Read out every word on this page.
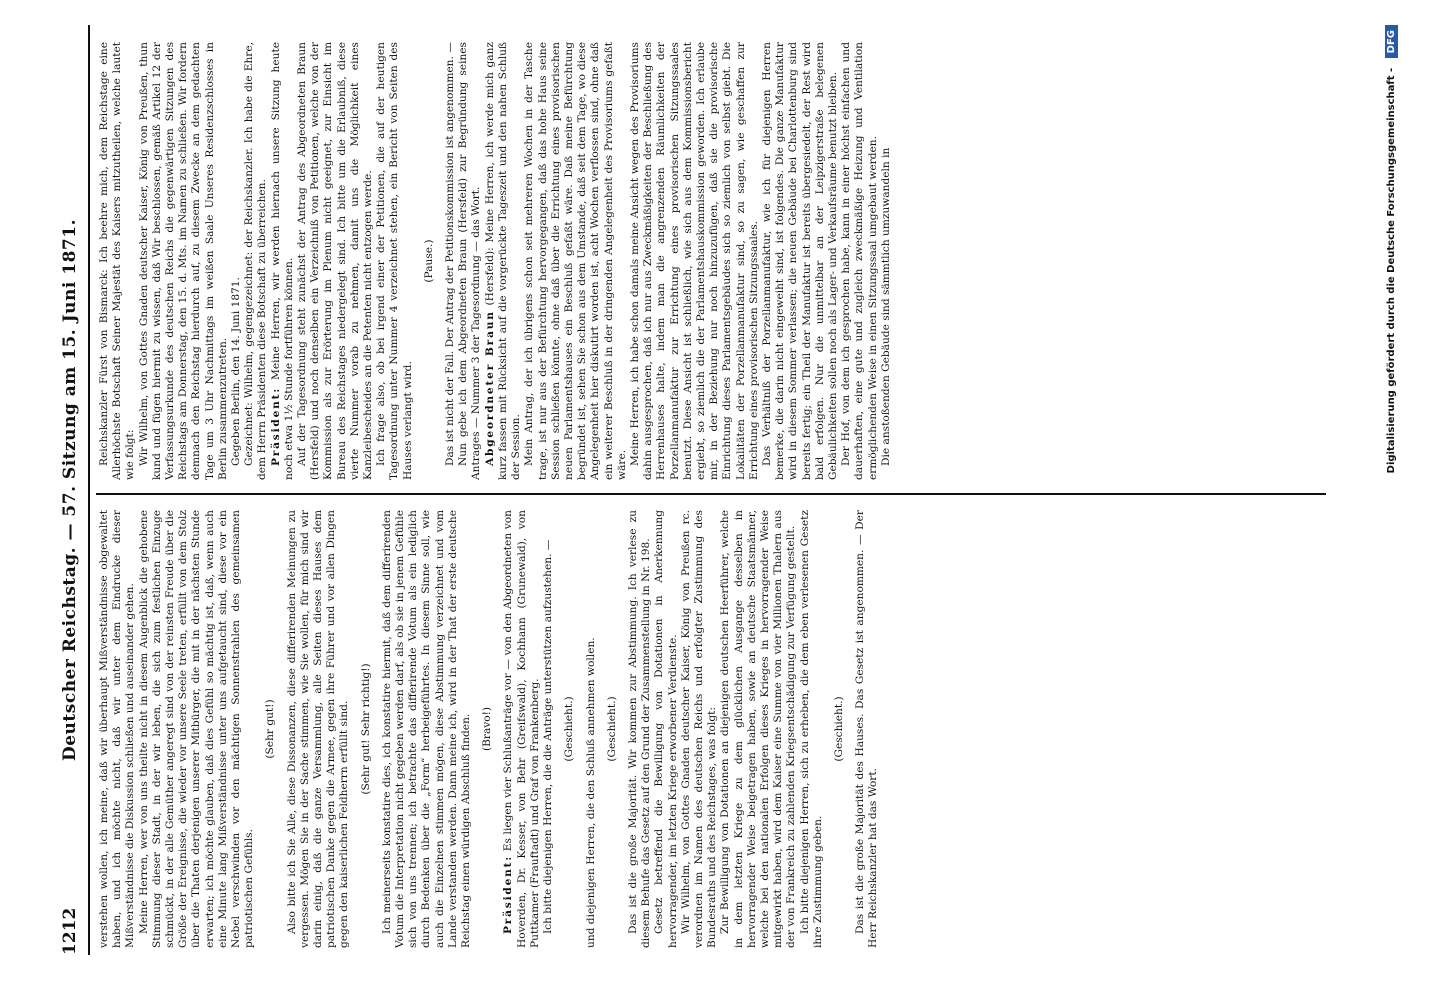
1212
Deutscher Reichstag. — 57. Sitzung am 15. Juni 1871. verstehen wollen, ich meine, daß wir überhaupt Mißverständnisse obgewaltet haben, und ich möchte nicht, daß wir unter dem Eindrucke dieser Mißverständnisse die Diskussion schließen und auseinander gehen. Meine Herren, wer von uns theilte nicht in diesem Augenblick die gehobene Stimmung dieser Stadt, in der wir leben, die sich zum festlichen Einzuge schmückt, in der alle Gemüther angeregt sind von der reinsten Freude über die Größe der Ereignisse, die wieder vor unsere Seele treten, erfüllt von dem Stolz über die Thaten derjenigen unserer Mitbürger, die mit in der nächsten Stunde erwarten; ich möchte glauben, daß dies Gefühl so mächtig ist, daß, wenn auch eine Minute lang Mißverständnisse unter uns aufgetaucht sind, diese vor ein Nebel verschwinden vor den mächtigen Sonnenstrahlen des gemeinsamen patriotischen Gefühls.

(Sehr gut!) Also bitte ich Sie Alle, diese Dissonanzen, diese differirenden Meinungen zu vergessen. Mögen Sie in der Sache stimmen, wie Sie wollen, für mich sind wir darin einig, daß die ganze Versammlung, alle Seiten dieses Hauses dem patriotischen Danke gegen die Armee, gegen ihre Führer und vor allen Dingen gegen den kaiserlichen Feldherrn erfüllt sind. (Sehr gut! Sehr richtig!) Ich meinerseits konstatire dies, ich konstatire hiermit, daß dem differirenden Votum die Interpretation nicht gegeben werden darf, als ob sie in jenem Gefühle sich von uns trennen; ich betrachte das differirende Votum als ein lediglich durch Bedenken über die „Form“ herbeigeführtes. In diesem Sinne soll, wie auch die Einzelnen stimmen mögen, diese Abstimmung verzeichnet und vom Lande verstanden werden. Dann meine ich, wird in der That der erste deutsche Reichstag einen würdigen Abschluß finden. (Bravo!)

Präsident: Es liegen vier Schlußanträge vor — von den Abgeordneten von Hoverden, Dr. Kesser, von Behr (Greifswald), Kochhann (Grunewald), von Puttkamer (Frauftadt) und Graf von Frankenberg. Ich bitte diejenigen Herren, die die Anträge unterstützen aufzustehen. — (Geschieht.) und diejenigen Herren, die den Schluß annehmen wollen. (Geschieht.) Das ist die große Majorität. Wir kommen zur Abstimmung. Ich verlese zu diesem Behufe das Gesetz auf den Grund der Zusammenstellung in Nr. 198. Gesetz betreffend die Bewilligung von Dotationen in Anerkennung hervorragender, im letzten Kriege erworbener Verdienste. Wir Wilhelm, von Gottes Gnaden deutscher Kaiser, König von Preußen rc. verordnen im Namen des deutschen Reichs und erfolgter Zustimmung des Bundesraths und des Reichstages, was folgt: Zur Bewilligung von Dotationen an diejenigen deutschen Heerführer, welche in dem letzten Kriege zu dem glücklichen Ausgange desselben in hervorragender Weise beigetragen haben, sowie an deutsche Staatsmänner, welche bei den nationalen Erfolgen dieses Krieges in hervorragender Weise mitgewirkt haben, wird dem Kaiser eine Summe von vier Millionen Thalern aus der von Frankreich zu zahlenden Kriegsentschädigung zur Verfügung gestellt. Ich bitte diejenigen Herren, sich zu erheben, die dem eben verlesenen Gesetz ihre Zustimmung geben.

(Geschieht.) Das ist die große Majorität des Hauses. Das Gesetz ist angenommen. — Der Herr Reichskanzler hat das Wort.

Reichskanzler Fürst von Bismarck: Ich beehre mich, dem Reichstage eine Allerhöchste Botschaft Seiner Majestät des Kaisers mitzutheilen, welche lautet wie folgt: Wir Wilhelm, von Gottes Gnaden deutscher Kaiser, König von Preußen, thun kund und fügen hiermit zu wissen, daß Wir beschlossen, gemäß Artikel 12 der Verfassungsurkunde des deutschen Reichs die gegenwärtigen Sitzungen des Reichstags am Donnerstag, den 15. d. Mts. im Namen zu schließen. Wir fordern demnach den Reichstag hierdurch auf, zu diesem Zwecke an dem gedachten Tage um 3 Uhr Nachmittags im weißen Saale Unseres Residenzschlosses in Berlin zusammenzutreten. Gegeben Berlin, den 14. Juni 1871. Gezeichnet: Wilhelm, gegengezeichnet: der Reichskanzler. Ich habe die Ehre, dem Herrn Präsidenten diese Botschaft zu überreichen. Präsident: Meine Herren, wir werden hiernach unsere Sitzung heute noch etwa 1½ Stunde fortführen können. Auf der Tagesordnung steht zunächst der Antrag des Abgeordneten Braun (Hersfeld) und noch denselben ein Verzeichniß von Petitionen, welche von der Kommission als zur Erörterung im Plenum nicht geeignet, zur Einsicht im Bureau des Reichstages niedergelegt sind. Ich bitte um die Erlaubniß, diese vierte Nummer vorab zu nehmen, damit uns die Möglichkeit eines Kanzleibescheides an die Petenten nicht entzogen werde. Ich frage also, ob bei irgend einer der Petitionen, die auf der heutigen Tagesordnung unter Nummer 4 verzeichnet stehen, ein Bericht von Seiten des Hauses verlangt wird.

(Pause.) Das ist nicht der Fall. Der Antrag der Petitionskommission ist angenommen. — Nun gebe ich dem Abgeordneten Braun (Hersfeld) zur Begründung seines Antrages — Nummer 3 der Tagesordnung — das Wort. Abgeordneter Braun (Hersfeld): Meine Herren, ich werde mich ganz kurz fassen mit Rücksicht auf die vorgerückte Tageszeit und den nahen Schluß der Session. Mein Antrag, der ich übrigens schon seit mehreren Wochen in der Tasche trage, ist nur aus der Befürchtung hervorgegangen, daß das hohe Haus seine Session schließen könnte, ohne daß über die Errichtung eines provisorischen neuen Parlamentshauses ein Beschluß gefaßt wäre. Daß meine Befürchtung begründet ist, sehen Sie schon aus dem Umstande, daß seit dem Tage, wo diese Angelegenheit hier diskutirt worden ist, acht Wochen verflossen sind, ohne daß ein weiterer Beschluß in der dringenden Angelegenheit des Provisoriums gefaßt wäre. Meine Herren, ich habe schon damals meine Ansicht wegen des Provisoriums dahin ausgesprochen, daß ich nur aus Zweckmäßigkeiten der Beschließung des Herrenhauses halte, indem man die angrenzenden Räumlichkeiten der Porzellanmanufaktur zur Errichtung eines provisorischen Sitzungssaales benutzt. Diese Ansicht ist schließlich, wie sich aus dem Kommissionsbericht ergiebt, so ziemlich die der Parlamentshauskommission geworden. Ich erlaube mir, in der Beziehung nur noch hinzuzufügen, daß sie die provisorische Einrichtung dieses Parlamentsgebäudes sich so ziemlich von selbst giebt. Die Lokalitäten der Porzellanmanufaktur sind, so zu sagen, wie geschaffen zur Errichtung eines provisorischen Sitzungssaales. Das Verhältniß der Porzellanmanufaktur, wie ich für diejenigen Herren bemerke, die darin nicht eingeweiht sind, ist folgendes. Die ganze Manufaktur wird in diesem Sommer verlassen; die neuen Gebäude bei Charlottenburg sind bereits fertig; ein Theil der Manufaktur ist bereits übergesiedelt, der Rest wird bald erfolgen. Nur die unmittelbar an der Leipzigerstraße belegenen Gebäulichkeiten sollen noch als Lager- und Verkaufsräume benutzt bleiben. Der Hof, von dem ich gesprochen habe, kann in einer höchst einfachen und dauerhaften, eine gute und zugleich zweckmäßige Heizung und Ventilation ermöglichenden Weise in einen Sitzungssaal umgebaut werden. Die anstoßenden Gebäude sind sämmtlich umzuwandeln in	Digitalisierung gefördert durch die Deutsche Forschungsgemeinschaft - DFG
